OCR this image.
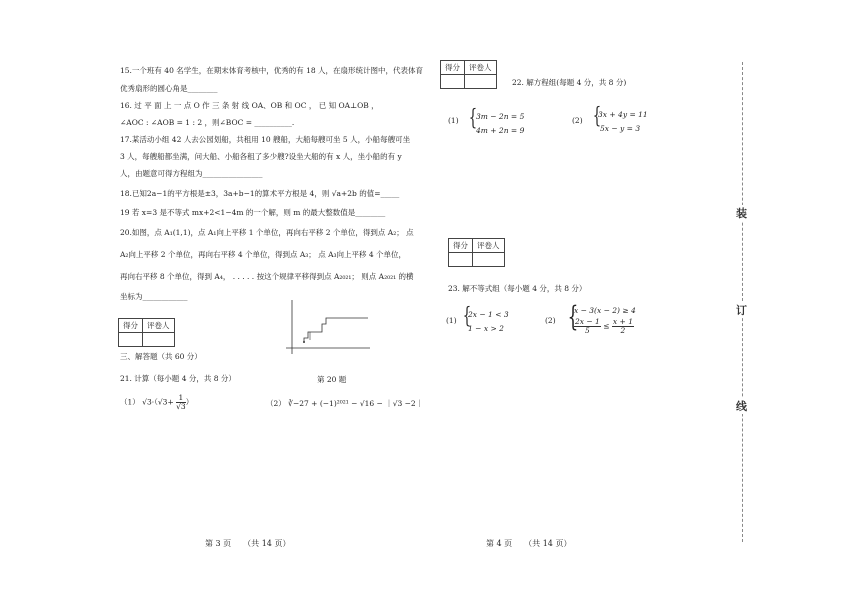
15.一个班有 40 名学生，在期末体育考核中，优秀的有 18 人，在扇形统计图中，代表体育
优秀扇形的圆心角是________
16. 过 平 面 上 一 点 O 作 三 条 射 线 OA、OB 和 OC ， 已 知 OA⊥OB ，
∠AOC : ∠AOB = 1 : 2 ，则∠BOC = __________.
17.某活动小组 42 人去公园划船，共租用 10 艘船，大船每艘可坐 5 人，小船每艘可坐
3 人，每艘船都坐满，问大船、小船各租了多少艘?设坐大船的有 x 人，坐小船的有 y
人，由题意可得方程组为________________
18.已知2a−1的平方根是±3，3a+b−1的算术平方根是 4，则 √a+2b 的值=_____
19 若 x=3 是不等式 mx+2<1−4m 的一个解，则 m 的最大整数值是________
20.如图，点 A₁(1,1)，点 A₁向上平移 1 个单位，再向右平移 2 个单位，得到点 A₂； 点
A₂向上平移 2 个单位，再向右平移 4 个单位，得到点 A₃； 点 A₃向上平移 4 个单位，
再向右平移 8 个单位，得到 A₄， . . . . . 按这个规律平移得到点 A₂₀₂₁； 则点 A₂₀₂₁ 的横
坐标为____________
得分	评卷人

第 20 题
三、解答题（共 60 分）
21. 计算（每小题 4 分，共 8 分）
（1） $√3\cdot(√3+ \frac{1}{√3}$ ）	（2） ∛−27 + (−1)²⁰²¹ − √16 − ｜√3 −2｜
第 3 页　　（共 14 页）
得分	评卷人

22. 解方程组(每题 4 分，共 8 分)
(1) {
3m − 2n = 5
4m + 2n = 9
(2) {
3x + 4y = 11
5x − y = 3
得分	评卷人

23. 解不等式组（每小题 4 分，共 8 分）
(1) {
2x − 1 < 3
1 − x > 2
(2) {
x − 3(x − 2) ≥ 4
$\frac{2x - 1}{5} \le \frac{x + 1}{2}$
第 4 页　　（共 14 页）
装
订
线
